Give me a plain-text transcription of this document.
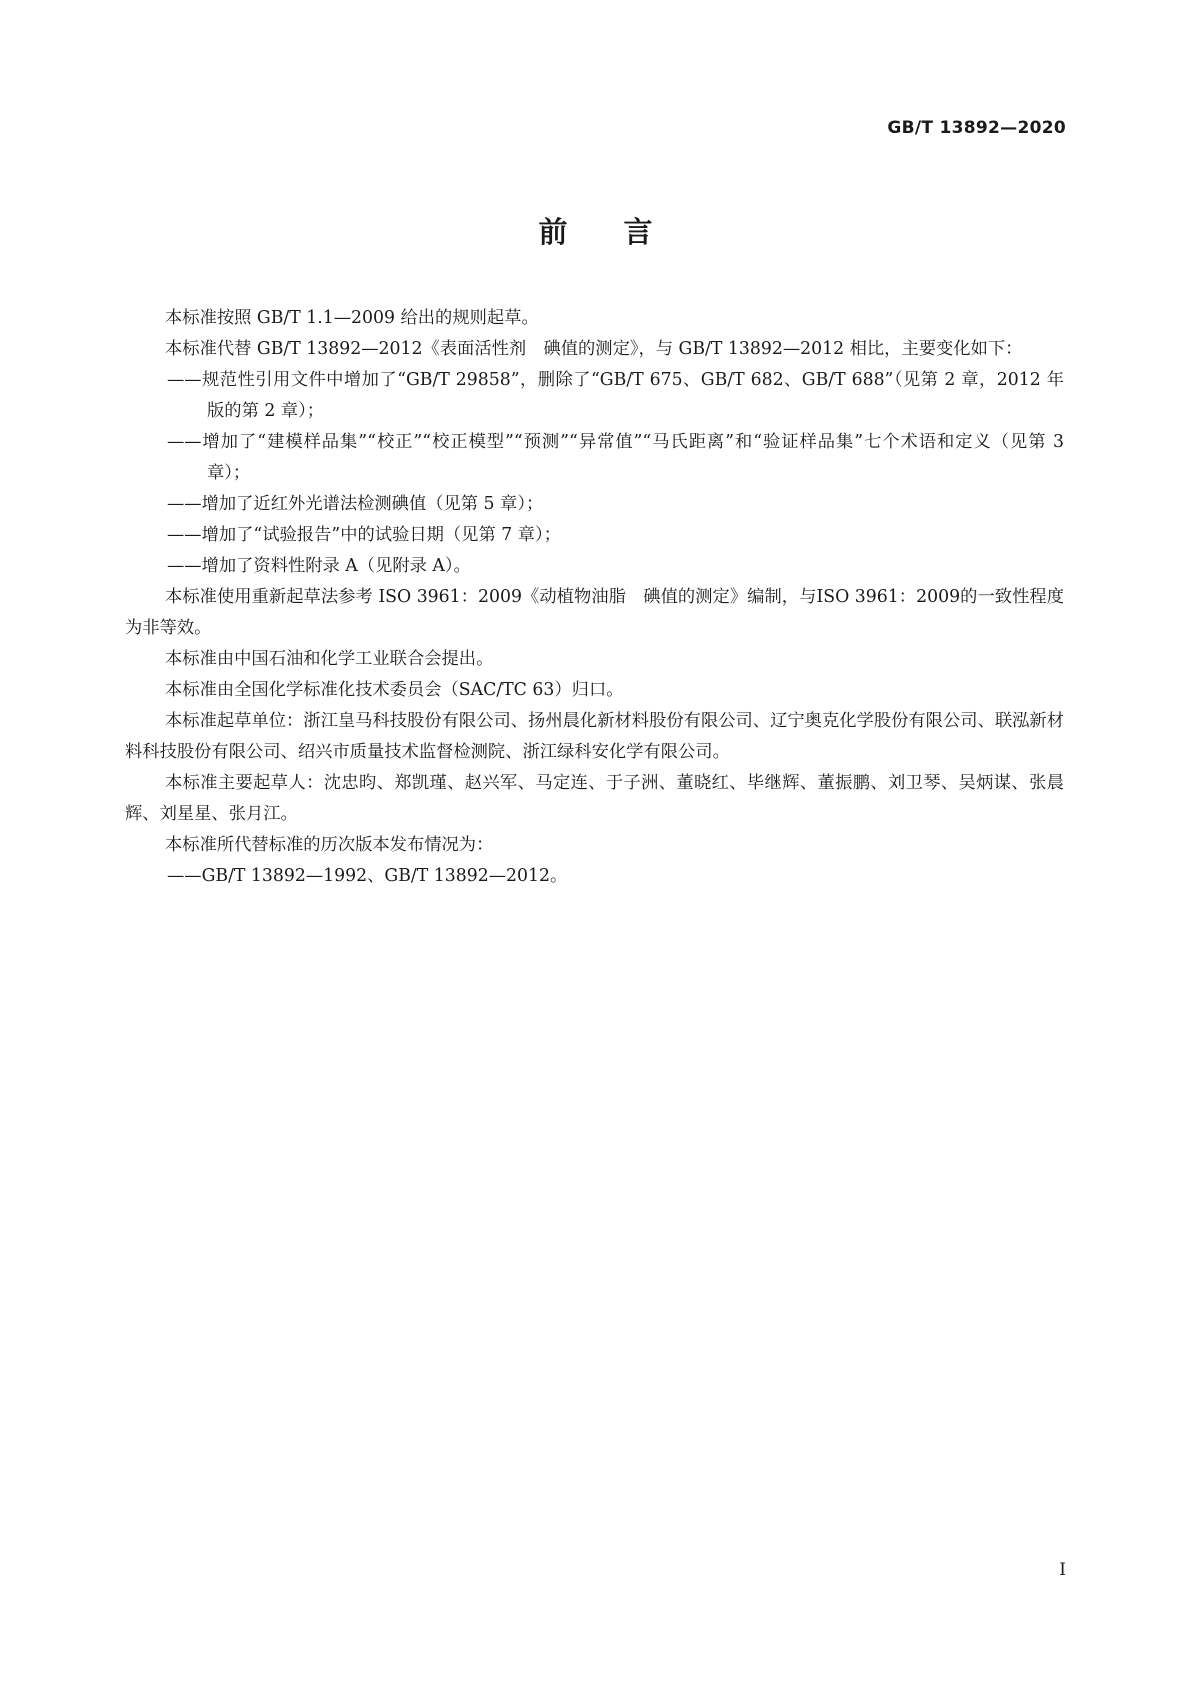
GB/T 13892—2020
前言

本标准按照 GB/T 1.1—2009 给出的规则起草。

本标准代替 GB/T 13892—2012《表面活性剂　碘值的测定》，与 GB/T 13892—2012 相比，主要变化如下：

——规范性引用文件中增加了“GB/T 29858”，删除了“GB/T 675、GB/T 682、GB/T 688”（见第 2 章，2012 年版的第 2 章）；

——增加了“建模样品集”“校正”“校正模型”“预测”“异常值”“马氏距离”和“验证样品集”七个术语和定义（见第 3 章）；

——增加了近红外光谱法检测碘值（见第 5 章）；

——增加了“试验报告”中的试验日期（见第 7 章）；

——增加了资料性附录 A（见附录 A）。

本标准使用重新起草法参考 ISO 3961：2009《动植物油脂　碘值的测定》编制，与ISO 3961：2009的一致性程度为非等效。

本标准由中国石油和化学工业联合会提出。

本标准由全国化学标准化技术委员会（SAC/TC 63）归口。

本标准起草单位：浙江皇马科技股份有限公司、扬州晨化新材料股份有限公司、辽宁奥克化学股份有限公司、联泓新材料科技股份有限公司、绍兴市质量技术监督检测院、浙江绿科安化学有限公司。

本标准主要起草人：沈忠昀、郑凯瑾、赵兴军、马定连、于子洲、董晓红、毕继辉、董振鹏、刘卫琴、吴炳谋、张晨辉、刘星星、张月江。

本标准所代替标准的历次版本发布情况为：

——GB/T 13892—1992、GB/T 13892—2012。

I
